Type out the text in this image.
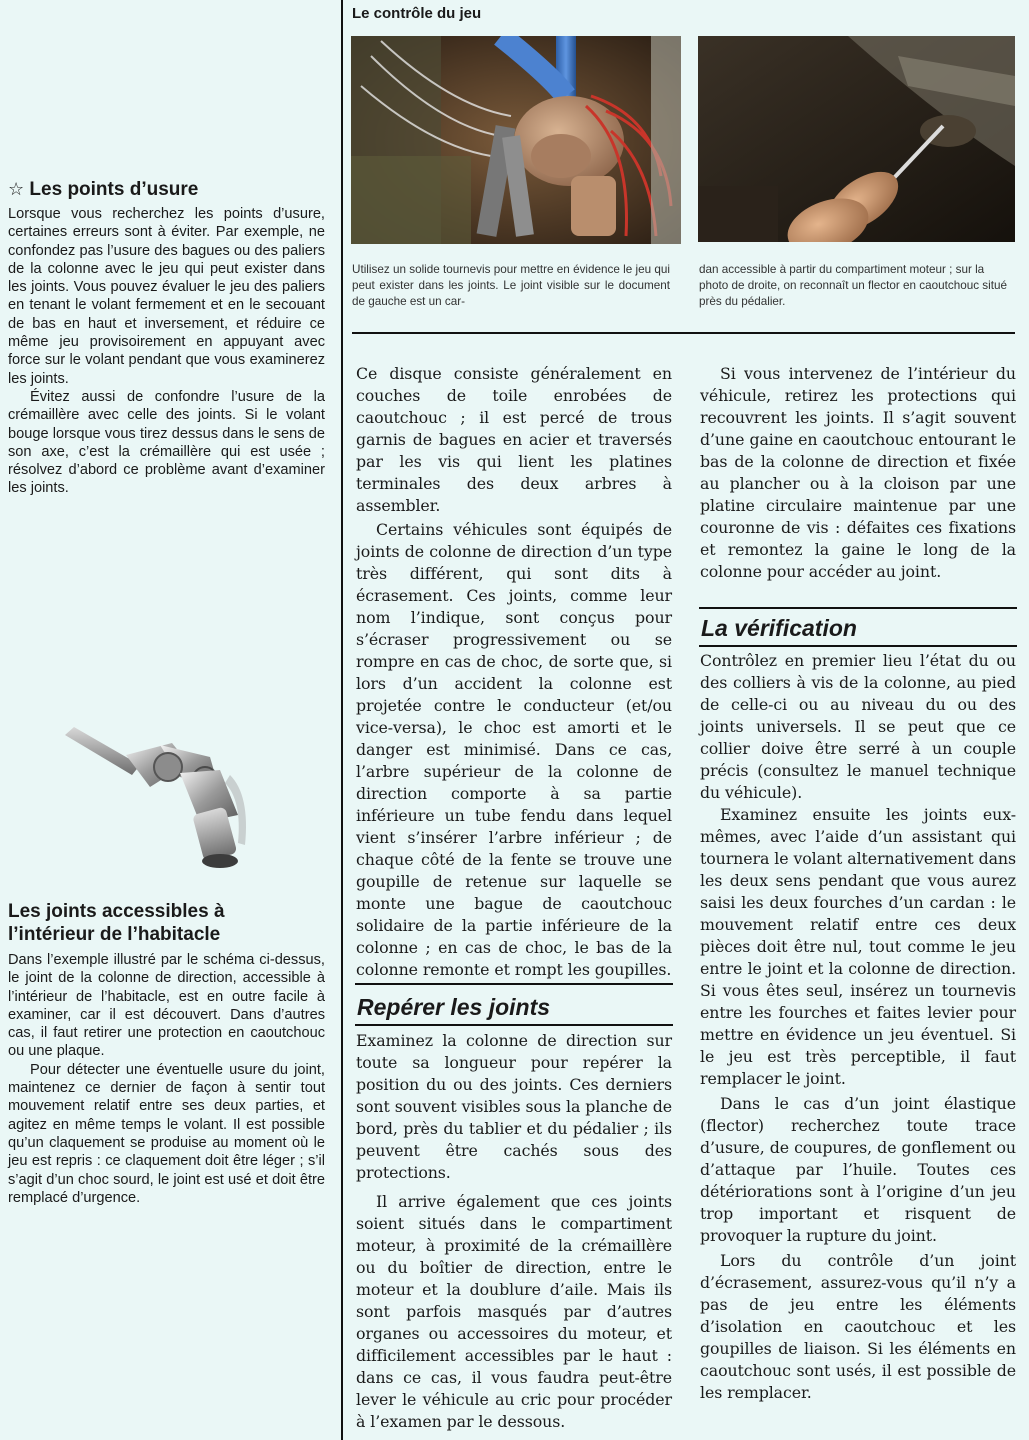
☆ Les points d’usure

Lorsque vous recherchez les points d’usure, certaines erreurs sont à éviter. Par exemple, ne confondez pas l’usure des bagues ou des paliers de la colonne avec le jeu qui peut exister dans les joints. Vous pouvez évaluer le jeu des paliers en tenant le volant fermement et en le secouant de bas en haut et inversement, et réduire ce même jeu provisoirement en appuyant avec force sur le volant pendant que vous examinerez les joints.

Évitez aussi de confondre l’usure de la crémaillère avec celle des joints. Si le volant bouge lorsque vous tirez dessus dans le sens de son axe, c’est la crémaillère qui est usée ; résolvez d’abord ce problème avant d’examiner les joints.

Les joints accessibles à l’intérieur de l’habitacle

Dans l’exemple illustré par le schéma ci-dessus, le joint de la colonne de direction, accessible à l’intérieur de l’habitacle, est en outre facile à examiner, car il est découvert. Dans d’autres cas, il faut retirer une protection en caoutchouc ou une plaque.

Pour détecter une éventuelle usure du joint, maintenez ce dernier de façon à sentir tout mouvement relatif entre ses deux parties, et agitez en même temps le volant. Il est possible qu’un claquement se produise au moment où le jeu est repris : ce claquement doit être léger ; s’il s’agit d’un choc sourd, le joint est usé et doit être remplacé d’urgence.

Le contrôle du jeu
Utilisez un solide tournevis pour mettre en évidence le jeu qui peut exister dans les joints. Le joint visible sur le document de gauche est un car-
dan accessible à partir du compartiment moteur ; sur la photo de droite, on reconnaît un flector en caoutchouc situé près du pédalier.

Ce disque consiste généralement en couches de toile enrobées de caoutchouc ; il est percé de trous garnis de bagues en acier et traversés par les vis qui lient les platines terminales des deux arbres à assembler.

Certains véhicules sont équipés de joints de colonne de direction d’un type très différent, qui sont dits à écrasement. Ces joints, comme leur nom l’indique, sont conçus pour s’écraser progressivement ou se rompre en cas de choc, de sorte que, si lors d’un accident la colonne est projetée contre le conducteur (et/ou vice-versa), le choc est amorti et le danger est minimisé. Dans ce cas, l’arbre supérieur de la colonne de direction comporte à sa partie inférieure un tube fendu dans lequel vient s’insérer l’arbre inférieur ; de chaque côté de la fente se trouve une goupille de retenue sur laquelle se monte une bague de caoutchouc solidaire de la partie inférieure de la colonne ; en cas de choc, le bas de la colonne remonte et rompt les goupilles.

Repérer les joints

Examinez la colonne de direction sur toute sa longueur pour repérer la position du ou des joints. Ces derniers sont souvent visibles sous la planche de bord, près du tablier et du pédalier ; ils peuvent être cachés sous des protections.

Il arrive également que ces joints soient situés dans le compartiment moteur, à proximité de la crémaillère ou du boîtier de direction, entre le moteur et la doublure d’aile. Mais ils sont parfois masqués par d’autres organes ou accessoires du moteur, et difficilement accessibles par le haut : dans ce cas, il vous faudra peut-être lever le véhicule au cric pour procéder à l’examen par le dessous.

Si vous intervenez de l’intérieur du véhicule, retirez les protections qui recouvrent les joints. Il s’agit souvent d’une gaine en caoutchouc entourant le bas de la colonne de direction et fixée au plancher ou à la cloison par une platine circulaire maintenue par une couronne de vis : défaites ces fixations et remontez la gaine le long de la colonne pour accéder au joint.

La vérification

Contrôlez en premier lieu l’état du ou des colliers à vis de la colonne, au pied de celle-ci ou au niveau du ou des joints universels. Il se peut que ce collier doive être serré à un couple précis (consultez le manuel technique du véhicule).

Examinez ensuite les joints eux-mêmes, avec l’aide d’un assistant qui tournera le volant alternativement dans les deux sens pendant que vous aurez saisi les deux fourches d’un cardan : le mouvement relatif entre ces deux pièces doit être nul, tout comme le jeu entre le joint et la colonne de direction. Si vous êtes seul, insérez un tournevis entre les fourches et faites levier pour mettre en évidence un jeu éventuel. Si le jeu est très perceptible, il faut remplacer le joint.

Dans le cas d’un joint élastique (flector) recherchez toute trace d’usure, de coupures, de gonflement ou d’attaque par l’huile. Toutes ces détériorations sont à l’origine d’un jeu trop important et risquent de provoquer la rupture du joint.

Lors du contrôle d’un joint d’écrasement, assurez-vous qu’il n’y a pas de jeu entre les éléments d’isolation en caoutchouc et les goupilles de liaison. Si les éléments en caoutchouc sont usés, il est possible de les remplacer.
